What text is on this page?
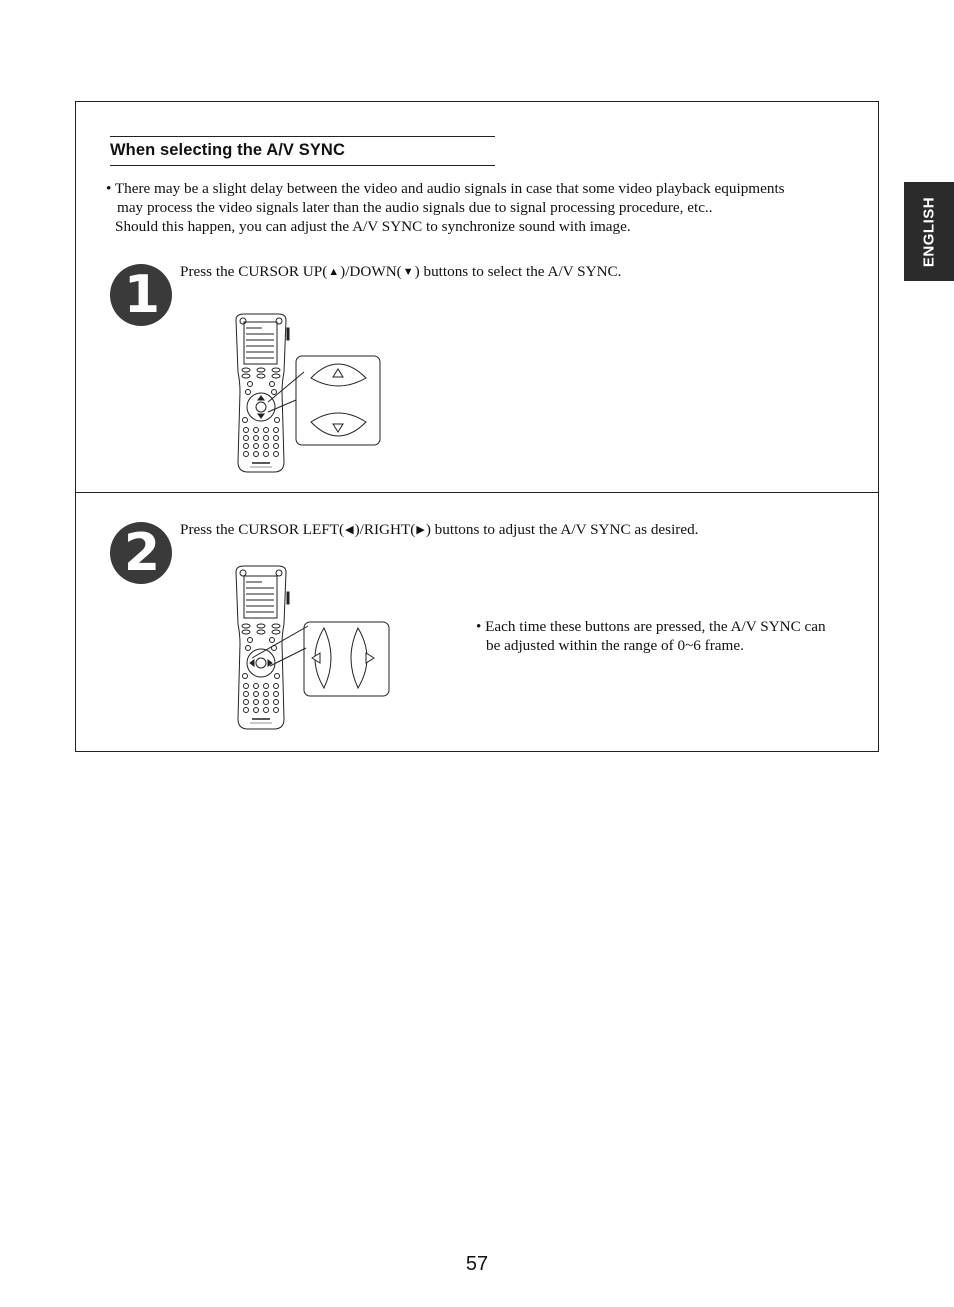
When selecting the A/V SYNC

• There may be a slight delay between the video and audio signals in case that some video playback equipments

may process the video signals later than the audio signals due to signal processing procedure, etc..

Should this happen, you can adjust the A/V SYNC to synchronize sound with image.

1	Press the CURSOR UP(▲)/DOWN(▼) buttons to select the A/V SYNC.
2	Press the CURSOR LEFT(◀)/RIGHT(▶) buttons to adjust the A/V SYNC as desired.

• Each time these buttons are pressed, the A/V SYNC can

be adjusted within the range of 0~6 frame.

ENGLISH
57
